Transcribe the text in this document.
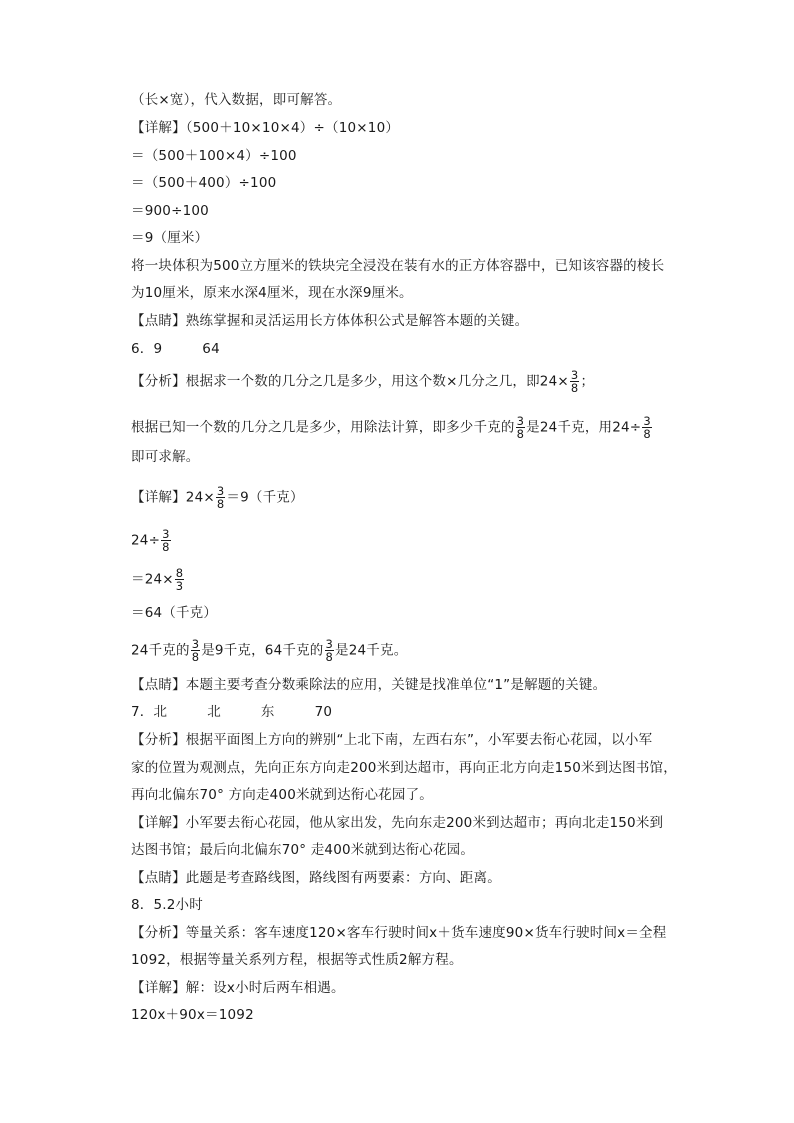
（长×宽），代入数据，即可解答。
【详解】（500＋10×10×4）÷（10×10）
＝（500＋100×4）÷100
＝（500＋400）÷100
＝900÷100
＝9（厘米）
将一块体积为500立方厘米的铁块完全浸没在装有水的正方体容器中，已知该容器的棱长
为10厘米，原来水深4厘米，现在水深9厘米。
【点睛】熟练掌握和灵活运用长方体体积公式是解答本题的关键。
6．9	64
【分析】根据求一个数的几分之几是多少，用这个数×几分之几，即$24\times \frac{3}{8}$ ；
根据已知一个数的几分之几是多少，用除法计算，即多少千克的 $\frac{3}{8}$ 是24千克，用$24\div \frac{3}{8}$
即可求解。
【详解】$24\times \frac{3}{8} =9$（千克）
$24\div \frac{3}{8}$
$=24\times \frac{8}{3}$
＝64（千克）
24千克的 $\frac{3}{8}$ 是9千克，64千克的 $\frac{3}{8}$ 是24千克。
【点睛】本题主要考查分数乘除法的应用，关键是找准单位“1”是解题的关键。
7．北	北	东	70
【分析】根据平面图上方向的辨别“上北下南，左西右东”，小军要去衔心花园，以小军
家的位置为观测点，先向正东方向走200米到达超市，再向正北方向走150米到达图书馆，
再向北偏东70° 方向走400米就到达衔心花园了。
【详解】小军要去衔心花园，他从家出发，先向东走200米到达超市；再向北走150米到
达图书馆；最后向北偏东70° 走400米就到达衔心花园。
【点睛】此题是考查路线图，路线图有两要素：方向、距离。
8．5.2小时
【分析】等量关系：客车速度120×客车行驶时间x＋货车速度90×货车行驶时间x＝全程
1092，根据等量关系列方程，根据等式性质2解方程。
【详解】解：设x小时后两车相遇。
120x＋90x＝1092
